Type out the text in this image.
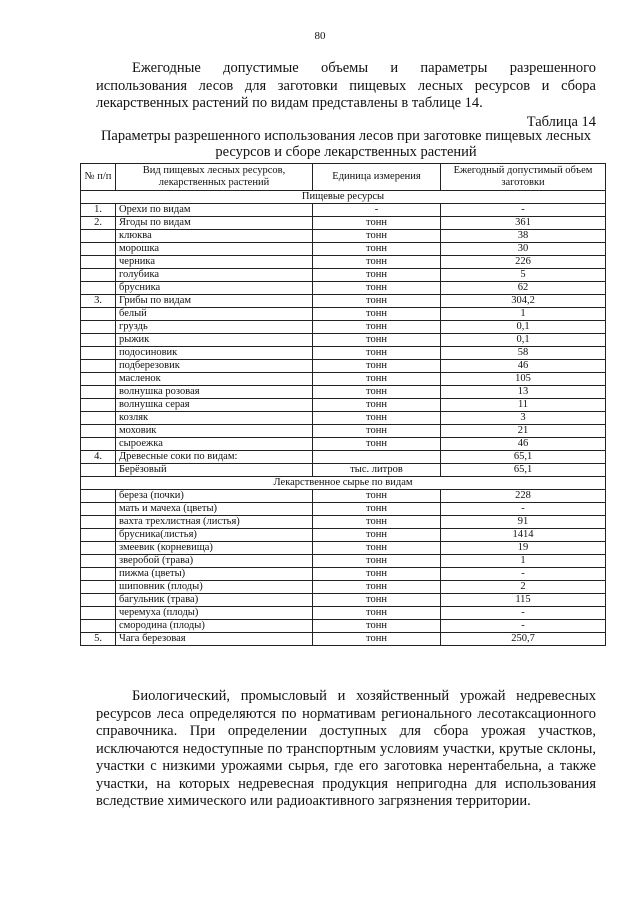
80

Ежегодные допустимые объемы и параметры разрешенного использования лесов для заготовки пищевых лесных ресурсов и сбора лекарственных растений по видам представлены в таблице 14.

Таблица 14
Параметры разрешенного использования лесов при заготовке пищевых лесных ресурсов и сборе лекарственных растений
№ п/п	Вид пищевых лесных ресурсов, лекарственных растений	Единица измерения	Ежегодный допустимый объем заготовки
Пищевые ресурсы			
1.	Орехи по видам	-	-
2.	Ягоды по видам	тонн	361
	клюква	тонн	38
	морошка	тонн	30
	черника	тонн	226
	голубика	тонн	5
	брусника	тонн	62
3.	Грибы по видам	тонн	304,2
	белый	тонн	1
	груздь	тонн	0,1
	рыжик	тонн	0,1
	подосиновик	тонн	58
	подберезовик	тонн	46
	масленок	тонн	105
	волнушка розовая	тонн	13
	волнушка серая	тонн	11
	козляк	тонн	3
	моховик	тонн	21
	сыроежка	тонн	46
4.	Древесные соки по видам:		65,1
	Берёзовый	тыс. литров	65,1
Лекарственное сырье по видам			
	береза (почки)	тонн	228
	мать и мачеха (цветы)	тонн	-
	вахта трехлистная (листья)	тонн	91
	брусника(листья)	тонн	1414
	змеевик (корневища)	тонн	19
	зверобой (трава)	тонн	1
	пижма (цветы)	тонн	-
	шиповник (плоды)	тонн	2
	багульник (трава)	тонн	115
	черемуха (плоды)	тонн	-
	смородина (плоды)	тонн	-
5.	Чага березовая	тонн	250,7

Биологический, промысловый и хозяйственный урожай недревесных ресурсов леса определяются по нормативам регионального лесотаксационного справочника. При определении доступных для сбора урожая участков, исключаются недоступные по транспортным условиям участки, крутые склоны, участки с низкими урожаями сырья, где его заготовка нерентабельна, а также участки, на которых недревесная продукция непригодна для использования вследствие химического или радиоактивного загрязнения территории.
